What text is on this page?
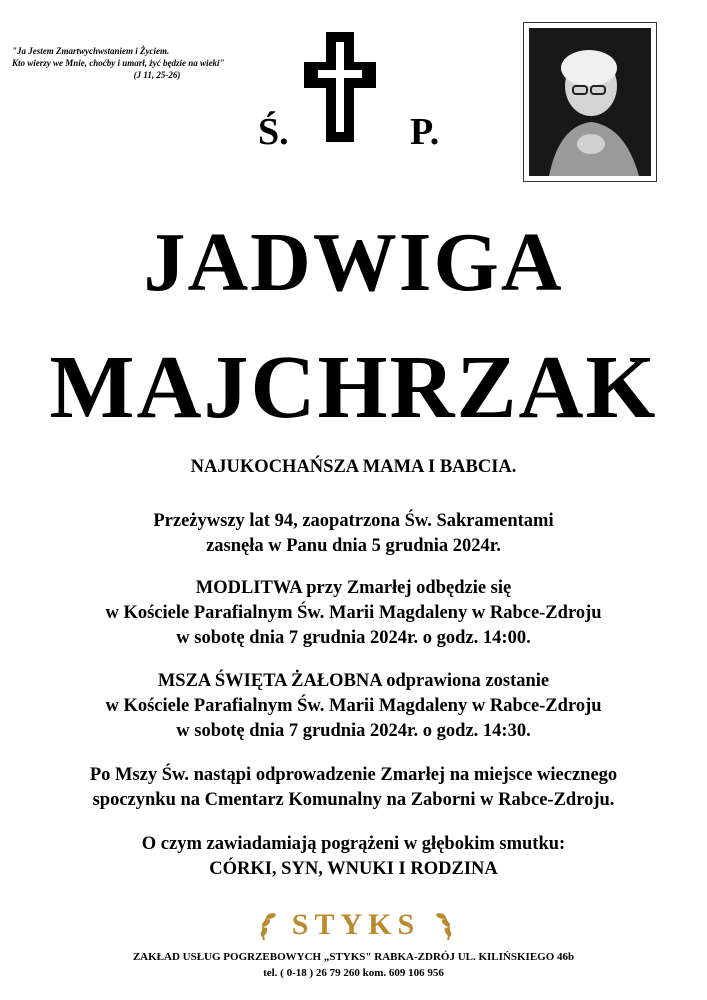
"Ja Jestem Zmartwychwstaniem i Życiem.
Kto wierzy we Mnie, choćby i umarł, żyć będzie na wieki"
(J 11, 25-26)
Ś.	P.
JADWIGA
MAJCHRZAK
NAJUKOCHAŃSZA MAMA I BABCIA.
Przeżywszy lat 94, zaopatrzona Św. Sakramentami
zasnęła w Panu dnia 5 grudnia 2024r.
MODLITWA przy Zmarłej odbędzie się
w Kościele Parafialnym Św. Marii Magdaleny w Rabce-Zdroju
w sobotę dnia 7 grudnia 2024r. o godz. 14:00.
MSZA ŚWIĘTA ŻAŁOBNA odprawiona zostanie
w Kościele Parafialnym Św. Marii Magdaleny w Rabce-Zdroju
w sobotę dnia 7 grudnia 2024r. o godz. 14:30.
Po Mszy Św. nastąpi odprowadzenie Zmarłej na miejsce wiecznego
spoczynku na Cmentarz Komunalny na Zaborni w Rabce-Zdroju.
O czym zawiadamiają pogrążeni w głębokim smutku:
CÓRKI, SYN, WNUKI I RODZINA
STYKS
ZAKŁAD USŁUG POGRZEBOWYCH „STYKS" RABKA-ZDRÓJ UL. KILIŃSKIEGO 46b
tel. ( 0-18 ) 26 79 260 kom. 609 106 956
